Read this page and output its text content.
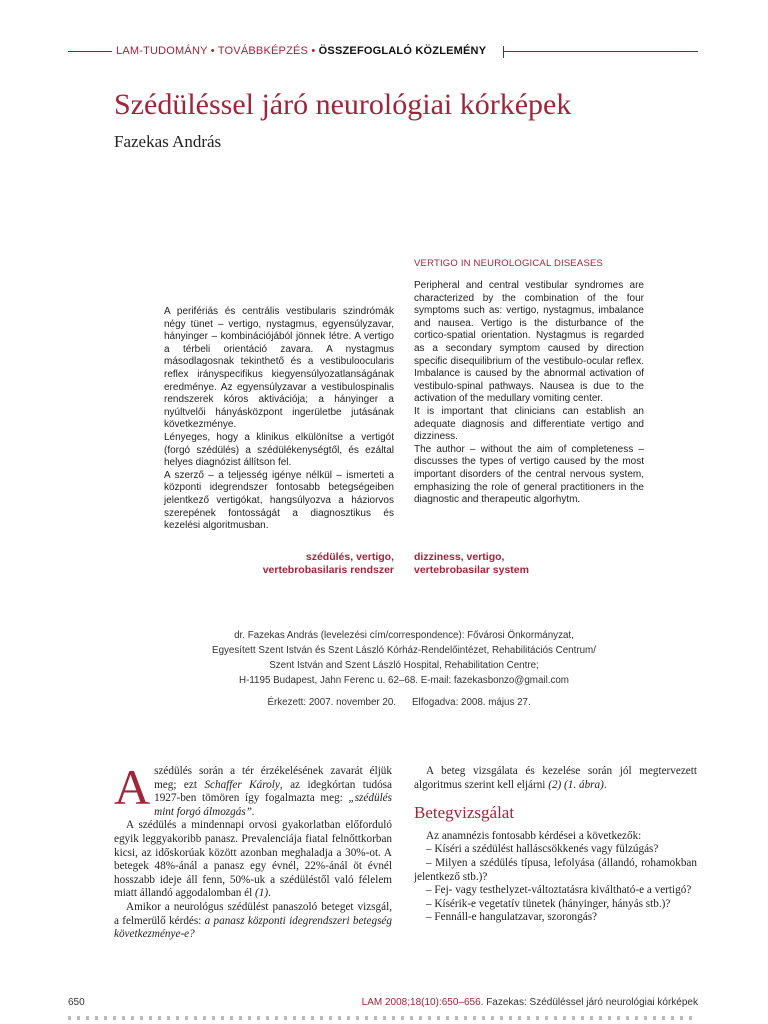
LAM-TUDOMÁNY • TOVÁBBKÉPZÉS • ÖSSZEFOGLALÓ KÖZLEMÉNY
Szédüléssel járó neurológiai kórképek
Fazekas András
VERTIGO IN NEUROLOGICAL DISEASES

A perifériás és centrális vestibularis szindrómák négy tünet – vertigo, nystagmus, egyensúlyzavar, hányinger – kombinációjából jönnek létre. A vertigo a térbeli orientáció zavara. A nystagmus másodlagosnak tekinthető és a vestibuloocularis reflex irányspecifikus kiegyensúlyozatlanságának eredménye. Az egyensúlyzavar a vestibulospinalis rendszerek kóros aktivációja; a hányinger a nyúltvelői hányásközpont ingerületbe jutásának következménye.

Lényeges, hogy a klinikus elkülönítse a vertigót (forgó szédülés) a szédülékenységtől, és ezáltal helyes diagnózist állítson fel.

A szerző – a teljesség igénye nélkül – ismerteti a központi idegrendszer fontosabb betegségeiben jelentkező vertigókat, hangsúlyozva a háziorvos szerepének fontosságát a diagnosztikus és kezelési algoritmusban.

Peripheral and central vestibular syndromes are characterized by the combination of the four symptoms such as: vertigo, nystagmus, imbalance and nausea. Vertigo is the disturbance of the cortico-spatial orientation. Nystagmus is regarded as a secondary symptom caused by direction specific disequilibrium of the vestibulo-ocular reflex. Imbalance is caused by the abnormal activation of vestibulo-spinal pathways. Nausea is due to the activation of the medullary vomiting center.

It is important that clinicians can establish an adequate diagnosis and differentiate vertigo and dizziness.

The author – without the aim of completeness – discusses the types of vertigo caused by the most important disorders of the central nervous system, emphasizing the role of general practitioners in the diagnostic and therapeutic algorhytm.

szédülés, vertigo,
vertebrobasilaris rendszer
dizziness, vertigo,
vertebrobasilar system
dr. Fazekas András (levelezési cím/correspondence): Fővárosi Önkormányzat,
Egyesített Szent István és Szent László Kórház-Rendelőintézet, Rehabilitációs Centrum/
Szent István and Szent László Hospital, Rehabilitation Centre;
H-1195 Budapest, Jahn Ferenc u. 62–68. E-mail: fazekasbonzo@gmail.com
Érkezett: 2007. november 20. Elfogadva: 2008. május 27.

Aszédülés során a tér érzékelésének zavarát éljük meg; ezt Schaffer Károly, az idegkórtan tudósa 1927-ben tömören így fogalmazta meg: „szédülés mint forgó álmozgás”.

A szédülés a mindennapi orvosi gyakorlatban előforduló egyik leggyakoribb panasz. Prevalenciája fiatal felnőttkorban kicsi, az időskorúak között azonban meghaladja a 30%-ot. A betegek 48%-ánál a panasz egy évnél, 22%-ánál öt évnél hosszabb ideje áll fenn, 50%-uk a szédüléstől való félelem miatt állandó aggodalomban él (1).

Amikor a neurológus szédülést panaszoló beteget vizsgál, a felmerülő kérdés: a panasz központi idegrendszeri betegség következménye-e?

A beteg vizsgálata és kezelése során jól megtervezett algoritmus szerint kell eljárni (2) (1. ábra).

Betegvizsgálat

Az anamnézis fontosabb kérdései a következők:

– Kíséri a szédülést halláscsökkenés vagy fülzúgás?

– Milyen a szédülés típusa, lefolyása (állandó, rohamokban jelentkező stb.)?

– Fej- vagy testhelyzet-változtatásra kiváltható-e a vertigó?

– Kísérik-e vegetatív tünetek (hányinger, hányás stb.)?

– Fennáll-e hangulatzavar, szorongás?

650	LAM 2008;18(10):650–656. Fazekas: Szédüléssel járó neurológiai kórképek
